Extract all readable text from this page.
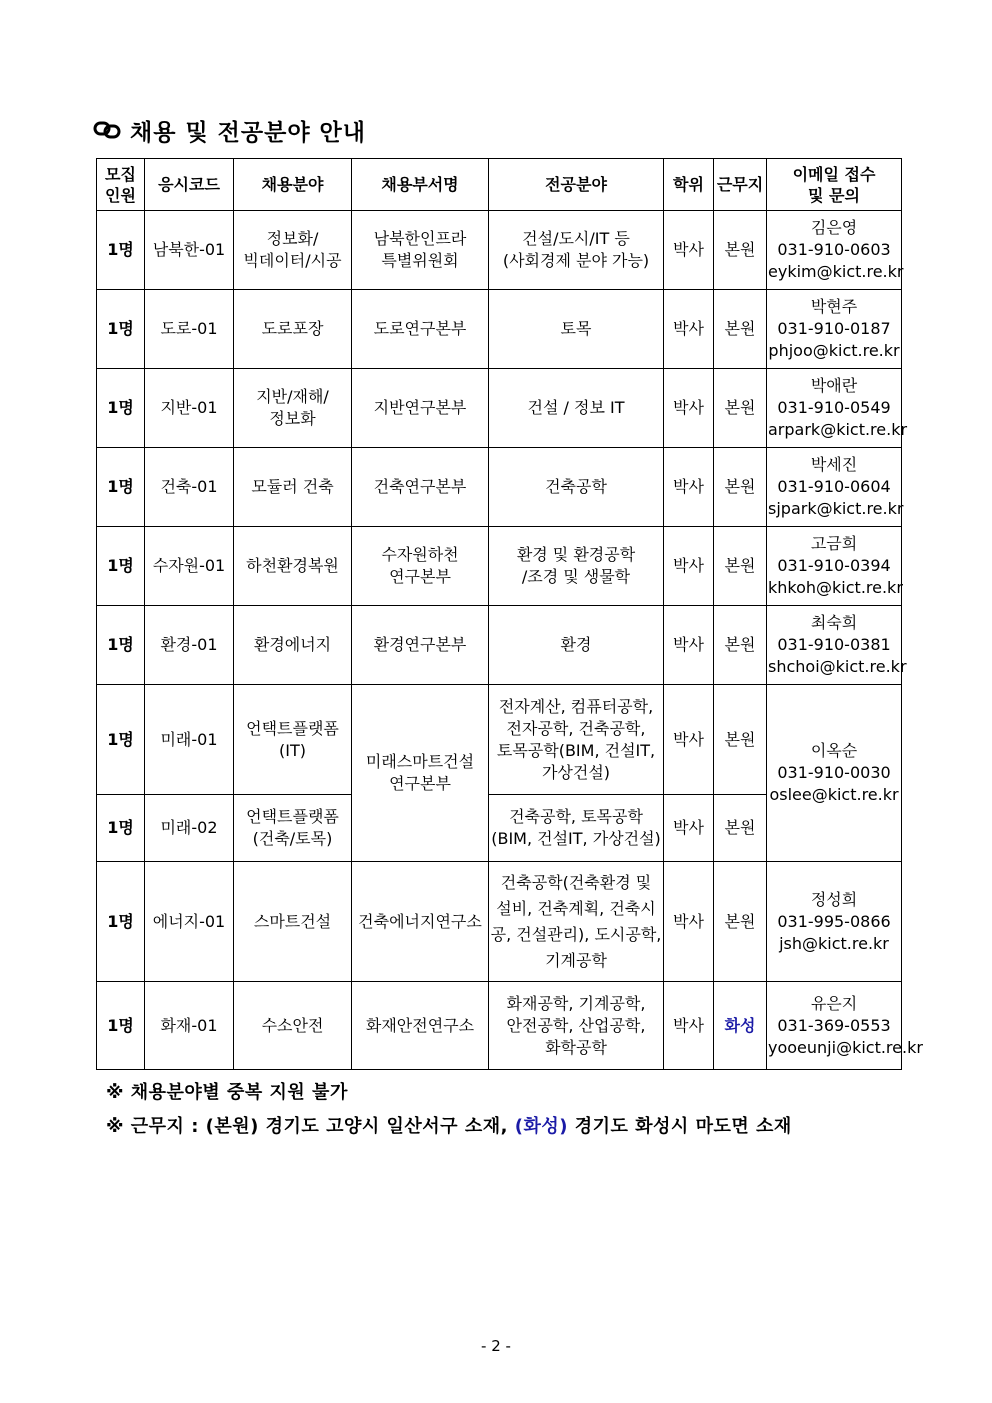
채용 및 전공분야 안내
모집
인원	응시코드	채용분야	채용부서명	전공분야	학위	근무지	이메일 접수
및 문의
1명	남북한-01	정보화/
빅데이터/시공	남북한인프라
특별위원회	건설/도시/IT 등
(사회경제 분야 가능)	박사	본원	김은영
031-910-0603
eykim@kict.re.kr
1명	도로-01	도로포장	도로연구본부	토목	박사	본원	박현주
031-910-0187
phjoo@kict.re.kr
1명	지반-01	지반/재해/
정보화	지반연구본부	건설 / 정보 IT	박사	본원	박애란
031-910-0549
arpark@kict.re.kr
1명	건축-01	모듈러 건축	건축연구본부	건축공학	박사	본원	박세진
031-910-0604
sjpark@kict.re.kr
1명	수자원-01	하천환경복원	수자원하천
연구본부	환경 및 환경공학
/조경 및 생물학	박사	본원	고금희
031-910-0394
khkoh@kict.re.kr
1명	환경-01	환경에너지	환경연구본부	환경	박사	본원	최숙희
031-910-0381
shchoi@kict.re.kr
1명	미래-01	언택트플랫폼
(IT)	미래스마트건설
연구본부	전자계산, 컴퓨터공학,
전자공학, 건축공학,
토목공학(BIM, 건설IT,
가상건설)	박사	본원	이옥순
031-910-0030
oslee@kict.re.kr
1명	미래-02	언택트플랫폼
(건축/토목)		건축공학, 토목공학
(BIM, 건설IT, 가상건설)	박사	본원	
1명	에너지-01	스마트건설	건축에너지연구소	건축공학(건축환경 및
설비, 건축계획, 건축시
공, 건설관리), 도시공학,
기계공학	박사	본원	정성희
031-995-0866
jsh@kict.re.kr
1명	화재-01	수소안전	화재안전연구소	화재공학, 기계공학,
안전공학, 산업공학,
화학공학	박사	화성	유은지
031-369-0553
yooeunji@kict.re.kr
※ 채용분야별 중복 지원 불가
※ 근무지 : (본원) 경기도 고양시 일산서구 소재, (화성) 경기도 화성시 마도면 소재
- 2 -
